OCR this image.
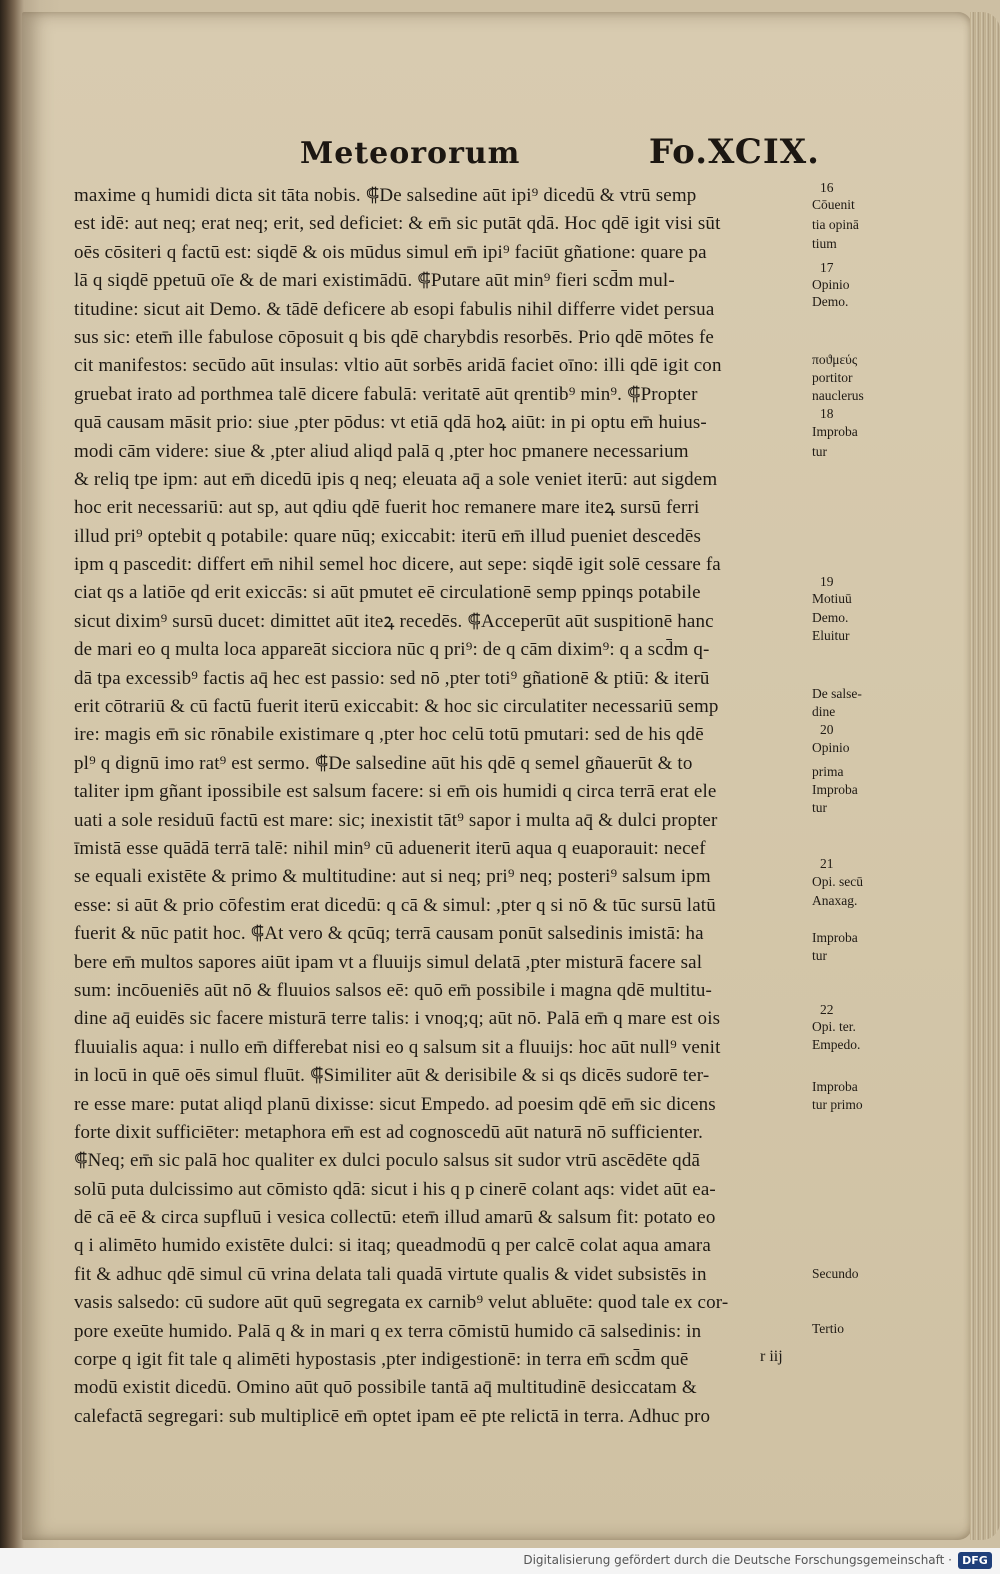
Meteororum	Fo.XCIX.
maxime q humidi dicta sit tāta nobis. ⸿De salsedine aūt ipi⁹ dicedū & vtrū semp
est idē: aut neq; erat neq; erit, sed deficiet: & em̄ sic putāt qdā. Hoc qdē igit visi sūt
oēs cōsiteri q factū est: siqdē & ois mūdus simul em̄ ipi⁹ faciūt gñatione: quare pa
lā q siqdē ppetuū oīe & de mari existimādū. ⸿Putare aūt min⁹ fieri scd̄m mul-
titudine: sicut ait Demo. & tādē deficere ab esopi fabulis nihil differre videt persua
sus sic: etem̄ ille fabulose cōposuit q bis qdē charybdis resorbēs. Prio qdē mōtes fe
cit manifestos: secūdo aūt insulas: vltio aūt sorbēs aridā faciet oīno: illi qdē igit con
gruebat irato ad porthmea talē dicere fabulā: veritatē aūt qrentib⁹ min⁹. ⸿Propter
quā causam māsit prio: siue ,pter pōdus: vt etiā qdā hoꝝ aiūt: in pi optu em̄ huius-
modi cām videre: siue & ,pter aliud aliqd palā q ,pter hoc pmanere necessarium
& reliq tpe ipm: aut em̄ dicedū ipis q neq; eleuata aq̄ a sole veniet iterū: aut sigdem
hoc erit necessariū: aut sp, aut qdiu qdē fuerit hoc remanere mare iteꝝ sursū ferri
illud pri⁹ optebit q potabile: quare nūq; exiccabit: iterū em̄ illud pueniet descedēs
ipm q pascedit: differt em̄ nihil semel hoc dicere, aut sepe: siqdē igit solē cessare fa
ciat qs a latiōe qd erit exiccās: si aūt pmutet eē circulationē semp ppinqs potabile
sicut dixim⁹ sursū ducet: dimittet aūt iteꝝ recedēs. ⸿Acceperūt aūt suspitionē hanc
de mari eo q multa loca appareāt sicciora nūc q pri⁹: de q cām dixim⁹: q a scd̄m q-
dā tpa excessib⁹ factis aq̄ hec est passio: sed nō ,pter toti⁹ gñationē & ptiū: & iterū
erit cōtrariū & cū factū fuerit iterū exiccabit: & hoc sic circulatiter necessariū semp
ire: magis em̄ sic rōnabile existimare q ,pter hoc celū totū pmutari: sed de his qdē
pl⁹ q dignū imo rat⁹ est sermo. ⸿De salsedine aūt his qdē q semel gñauerūt & to
taliter ipm gñant ipossibile est salsum facere: si em̄ ois humidi q circa terrā erat ele
uati a sole residuū factū est mare: sic; inexistit tāt⁹ sapor i multa aq̄ & dulci propter
īmistā esse quādā terrā talē: nihil min⁹ cū aduenerit iterū aqua q euaporauit: necef
se equali existēte & primo & multitudine: aut si neq; pri⁹ neq; posteri⁹ salsum ipm
esse: si aūt & prio cōfestim erat dicedū: q cā & simul: ,pter q si nō & tūc sursū latū
fuerit & nūc patit hoc. ⸿At vero & qcūq; terrā causam ponūt salsedinis imistā: ha
bere em̄ multos sapores aiūt ipam vt a fluuijs simul delatā ,pter misturā facere sal
sum: incōueniēs aūt nō & fluuios salsos eē: quō em̄ possibile i magna qdē multitu-
dine aq̄ euidēs sic facere misturā terre talis: i vnoq;q; aūt nō. Palā em̄ q mare est ois
fluuialis aqua: i nullo em̄ differebat nisi eo q salsum sit a fluuijs: hoc aūt null⁹ venit
in locū in quē oēs simul fluūt. ⸿Similiter aūt & derisibile & si qs dicēs sudorē ter-
re esse mare: putat aliqd planū dixisse: sicut Empedo. ad poesim qdē em̄ sic dicens
forte dixit sufficiēter: metaphora em̄ est ad cognoscedū aūt naturā nō sufficienter.
⸿Neq; em̄ sic palā hoc qualiter ex dulci poculo salsus sit sudor vtrū ascēdēte qdā
solū puta dulcissimo aut cōmisto qdā: sicut i his q p cinerē colant aqs: videt aūt ea-
dē cā eē & circa supfluū i vesica collectū: etem̄ illud amarū & salsum fit: potato eo
q i alimēto humido existēte dulci: si itaq; queadmodū q per calcē colat aqua amara
fit & adhuc qdē simul cū vrina delata tali quadā virtute qualis & videt subsistēs in
vasis salsedo: cū sudore aūt quū segregata ex carnib⁹ velut abluēte: quod tale ex cor-
pore exeūte humido. Palā q & in mari q ex terra cōmistū humido cā salsedinis: in
corpe q igit fit tale q alimēti hypostasis ,pter indigestionē: in terra em̄ scd̄m quē
modū existit dicedū. Omino aūt quō possibile tantā aq̄ multitudinē desiccatam &
calefactā segregari: sub multiplicē em̄ optet ipam eē pte relictā in terra. Adhuc pro
16
Cōuenit
tia opinā
tium
17
Opinio
Demo.
ποϑμεύς
portitor
nauclerus
18
Improba
tur
19
Motiuū
Demo.
Eluitur
De salse-
dine
20
Opinio
prima
Improba
tur
21
Opi. secū
Anaxag.
Improba
tur
22
Opi. ter.
Empedo.
Improba
tur primo
Secundo
Tertio
r iij
Digitalisierung gefördert durch die Deutsche Forschungsgemeinschaft · DFG
